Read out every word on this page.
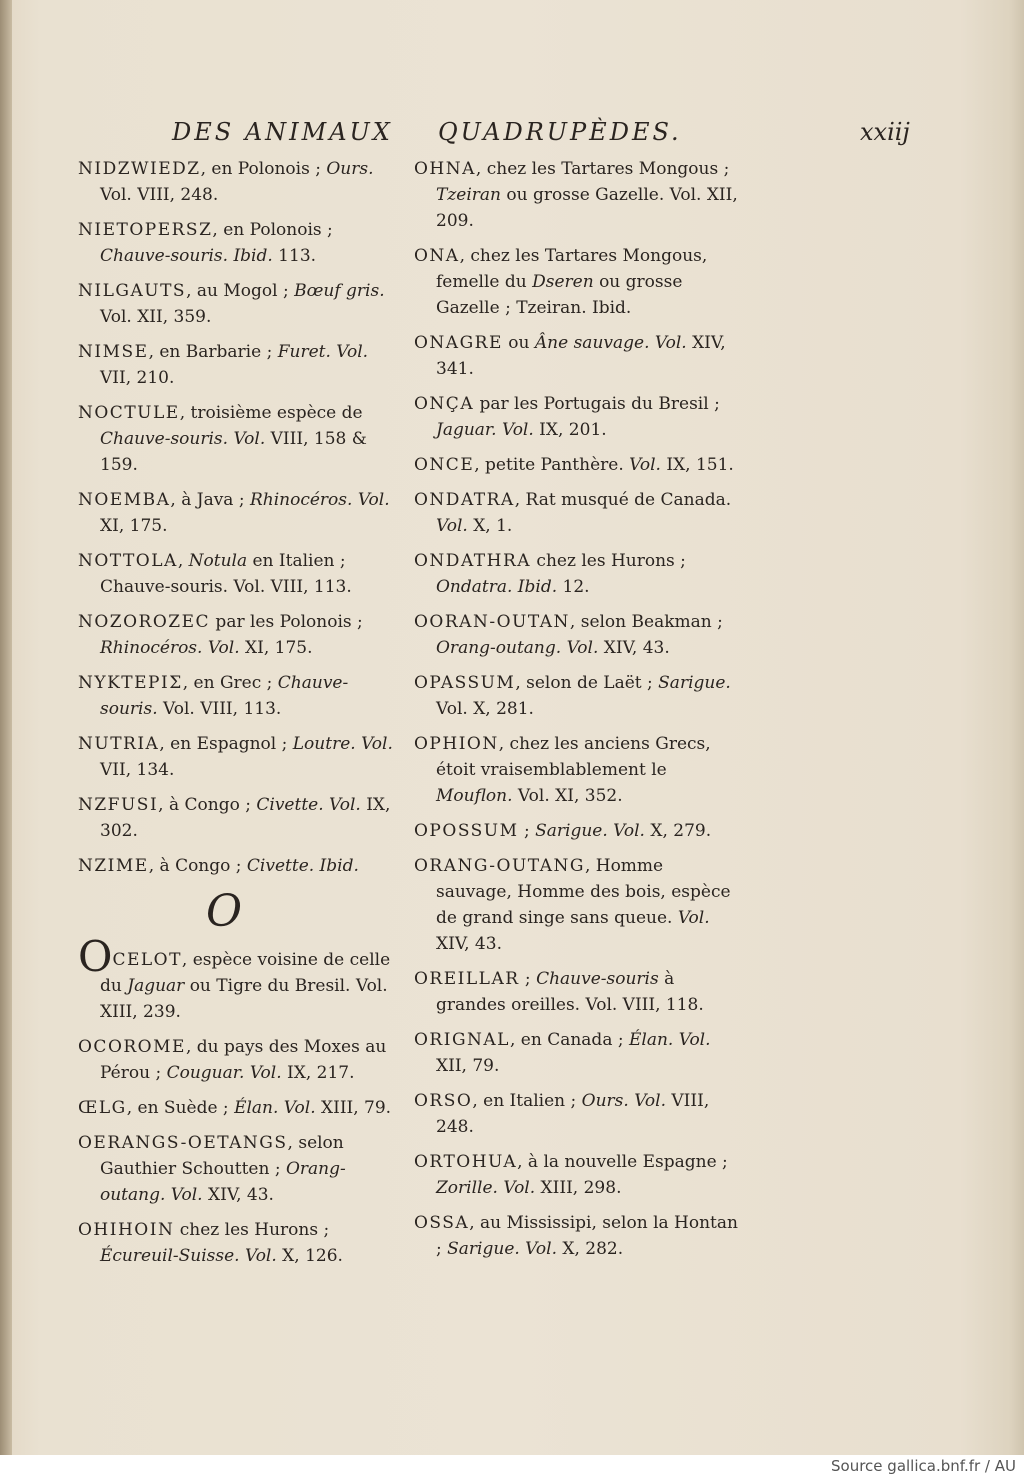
DES ANIMAUX QUADRUPÈDES.	xxiij
NIDZWIEDZ, en Polonois ; Ours. Vol. VIII, 248.
NIETOPERSZ, en Polonois ; Chauve-souris. Ibid. 113.
NILGAUTS, au Mogol ; Bœuf gris. Vol. XII, 359.
NIMSE, en Barbarie ; Furet. Vol. VII, 210.
NOCTULE, troisième espèce de Chauve-souris. Vol. VIII, 158 & 159.
NOEMBA, à Java ; Rhinocéros. Vol. XI, 175.
NOTTOLA, Notula en Italien ; Chauve-souris. Vol. VIII, 113.
NOZOROZEC par les Polonois ; Rhinocéros. Vol. XI, 175.
ΝΥΚΤΕΡΙΣ, en Grec ; Chauve-souris. Vol. VIII, 113.
NUTRIA, en Espagnol ; Loutre. Vol. VII, 134.
NZFUSI, à Congo ; Civette. Vol. IX, 302.
NZIME, à Congo ; Civette. Ibid.
O
OCELOT, espèce voisine de celle du Jaguar ou Tigre du Bresil. Vol. XIII, 239.
OCOROME, du pays des Moxes au Pérou ; Couguar. Vol. IX, 217.
ŒLG, en Suède ; Élan. Vol. XIII, 79.
OERANGS-OETANGS, selon Gauthier Schoutten ; Orang-outang. Vol. XIV, 43.
OHIHOIN chez les Hurons ; Écureuil-Suisse. Vol. X, 126.
OHNA, chez les Tartares Mongous ; Tzeiran ou grosse Gazelle. Vol. XII, 209.
ONA, chez les Tartares Mongous, femelle du Dseren ou grosse Gazelle ; Tzeiran. Ibid.
ONAGRE ou Âne sauvage. Vol. XIV, 341.
ONÇA par les Portugais du Bresil ; Jaguar. Vol. IX, 201.
ONCE, petite Panthère. Vol. IX, 151.
ONDATRA, Rat musqué de Canada. Vol. X, 1.
ONDATHRA chez les Hurons ; Ondatra. Ibid. 12.
OORAN-OUTAN, selon Beakman ; Orang-outang. Vol. XIV, 43.
OPASSUM, selon de Laët ; Sarigue. Vol. X, 281.
OPHION, chez les anciens Grecs, étoit vraisemblablement le Mouflon. Vol. XI, 352.
OPOSSUM ; Sarigue. Vol. X, 279.
ORANG-OUTANG, Homme sauvage, Homme des bois, espèce de grand singe sans queue. Vol. XIV, 43.
OREILLAR ; Chauve-souris à grandes oreilles. Vol. VIII, 118.
ORIGNAL, en Canada ; Élan. Vol. XII, 79.
ORSO, en Italien ; Ours. Vol. VIII, 248.
ORTOHUA, à la nouvelle Espagne ; Zorille. Vol. XIII, 298.
OSSA, au Mississipi, selon la Hontan ; Sarigue. Vol. X, 282.
Source gallica.bnf.fr / AU
